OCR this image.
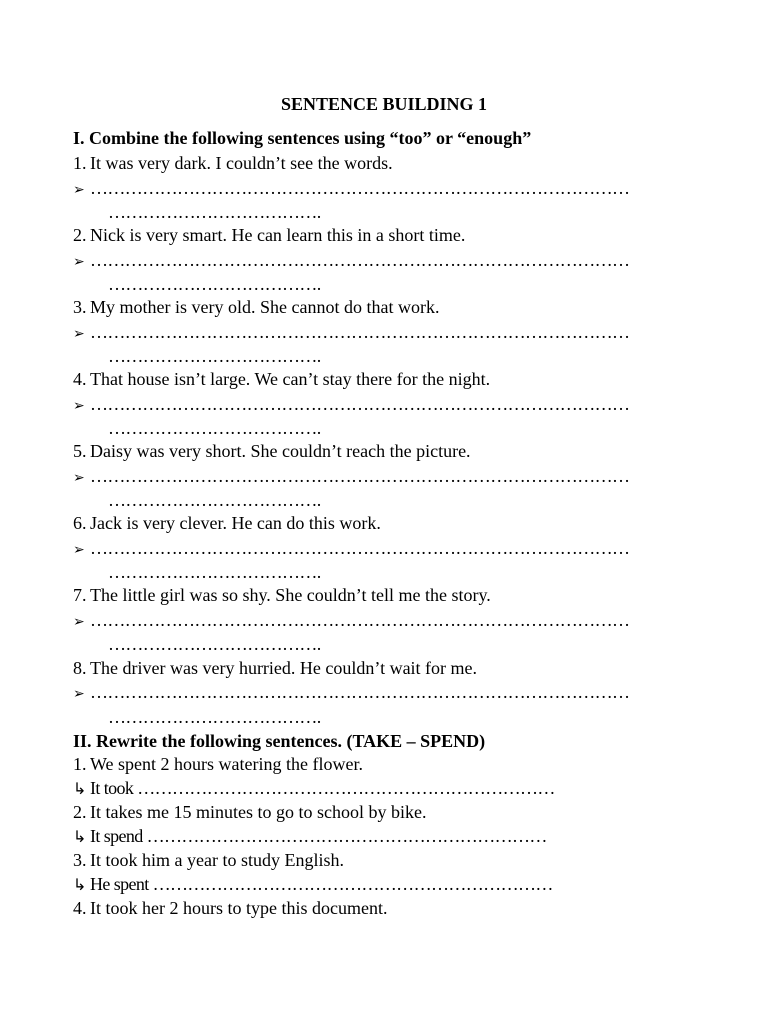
SENTENCE BUILDING 1
I. Combine the following sentences using “too” or “enough”
1. It was very dark. I couldn’t see the words.
➢ …………………………………………………………………………………
……………………………….
2. Nick is very smart. He can learn this in a short time.
➢ …………………………………………………………………………………
……………………………….
3. My mother is very old. She cannot do that work.
➢ …………………………………………………………………………………
……………………………….
4. That house isn’t large. We can’t stay there for the night.
➢ …………………………………………………………………………………
……………………………….
5. Daisy was very short. She couldn’t reach the picture.
➢ …………………………………………………………………………………
……………………………….
6. Jack is very clever. He can do this work.
➢ …………………………………………………………………………………
……………………………….
7. The little girl was so shy. She couldn’t tell me the story.
➢ …………………………………………………………………………………
……………………………….
8. The driver was very hurried. He couldn’t wait for me.
➢ …………………………………………………………………………………
……………………………….
II. Rewrite the following sentences. (TAKE – SPEND)
1. We spent 2 hours watering the flower.
↳ It took ………………………………………………………………
2. It takes me 15 minutes to go to school by bike.
↳ It spend ……………………………………………………………
3. It took him a year to study English.
↳ He spent ……………………………………………………………
4. It took her 2 hours to type this document.
